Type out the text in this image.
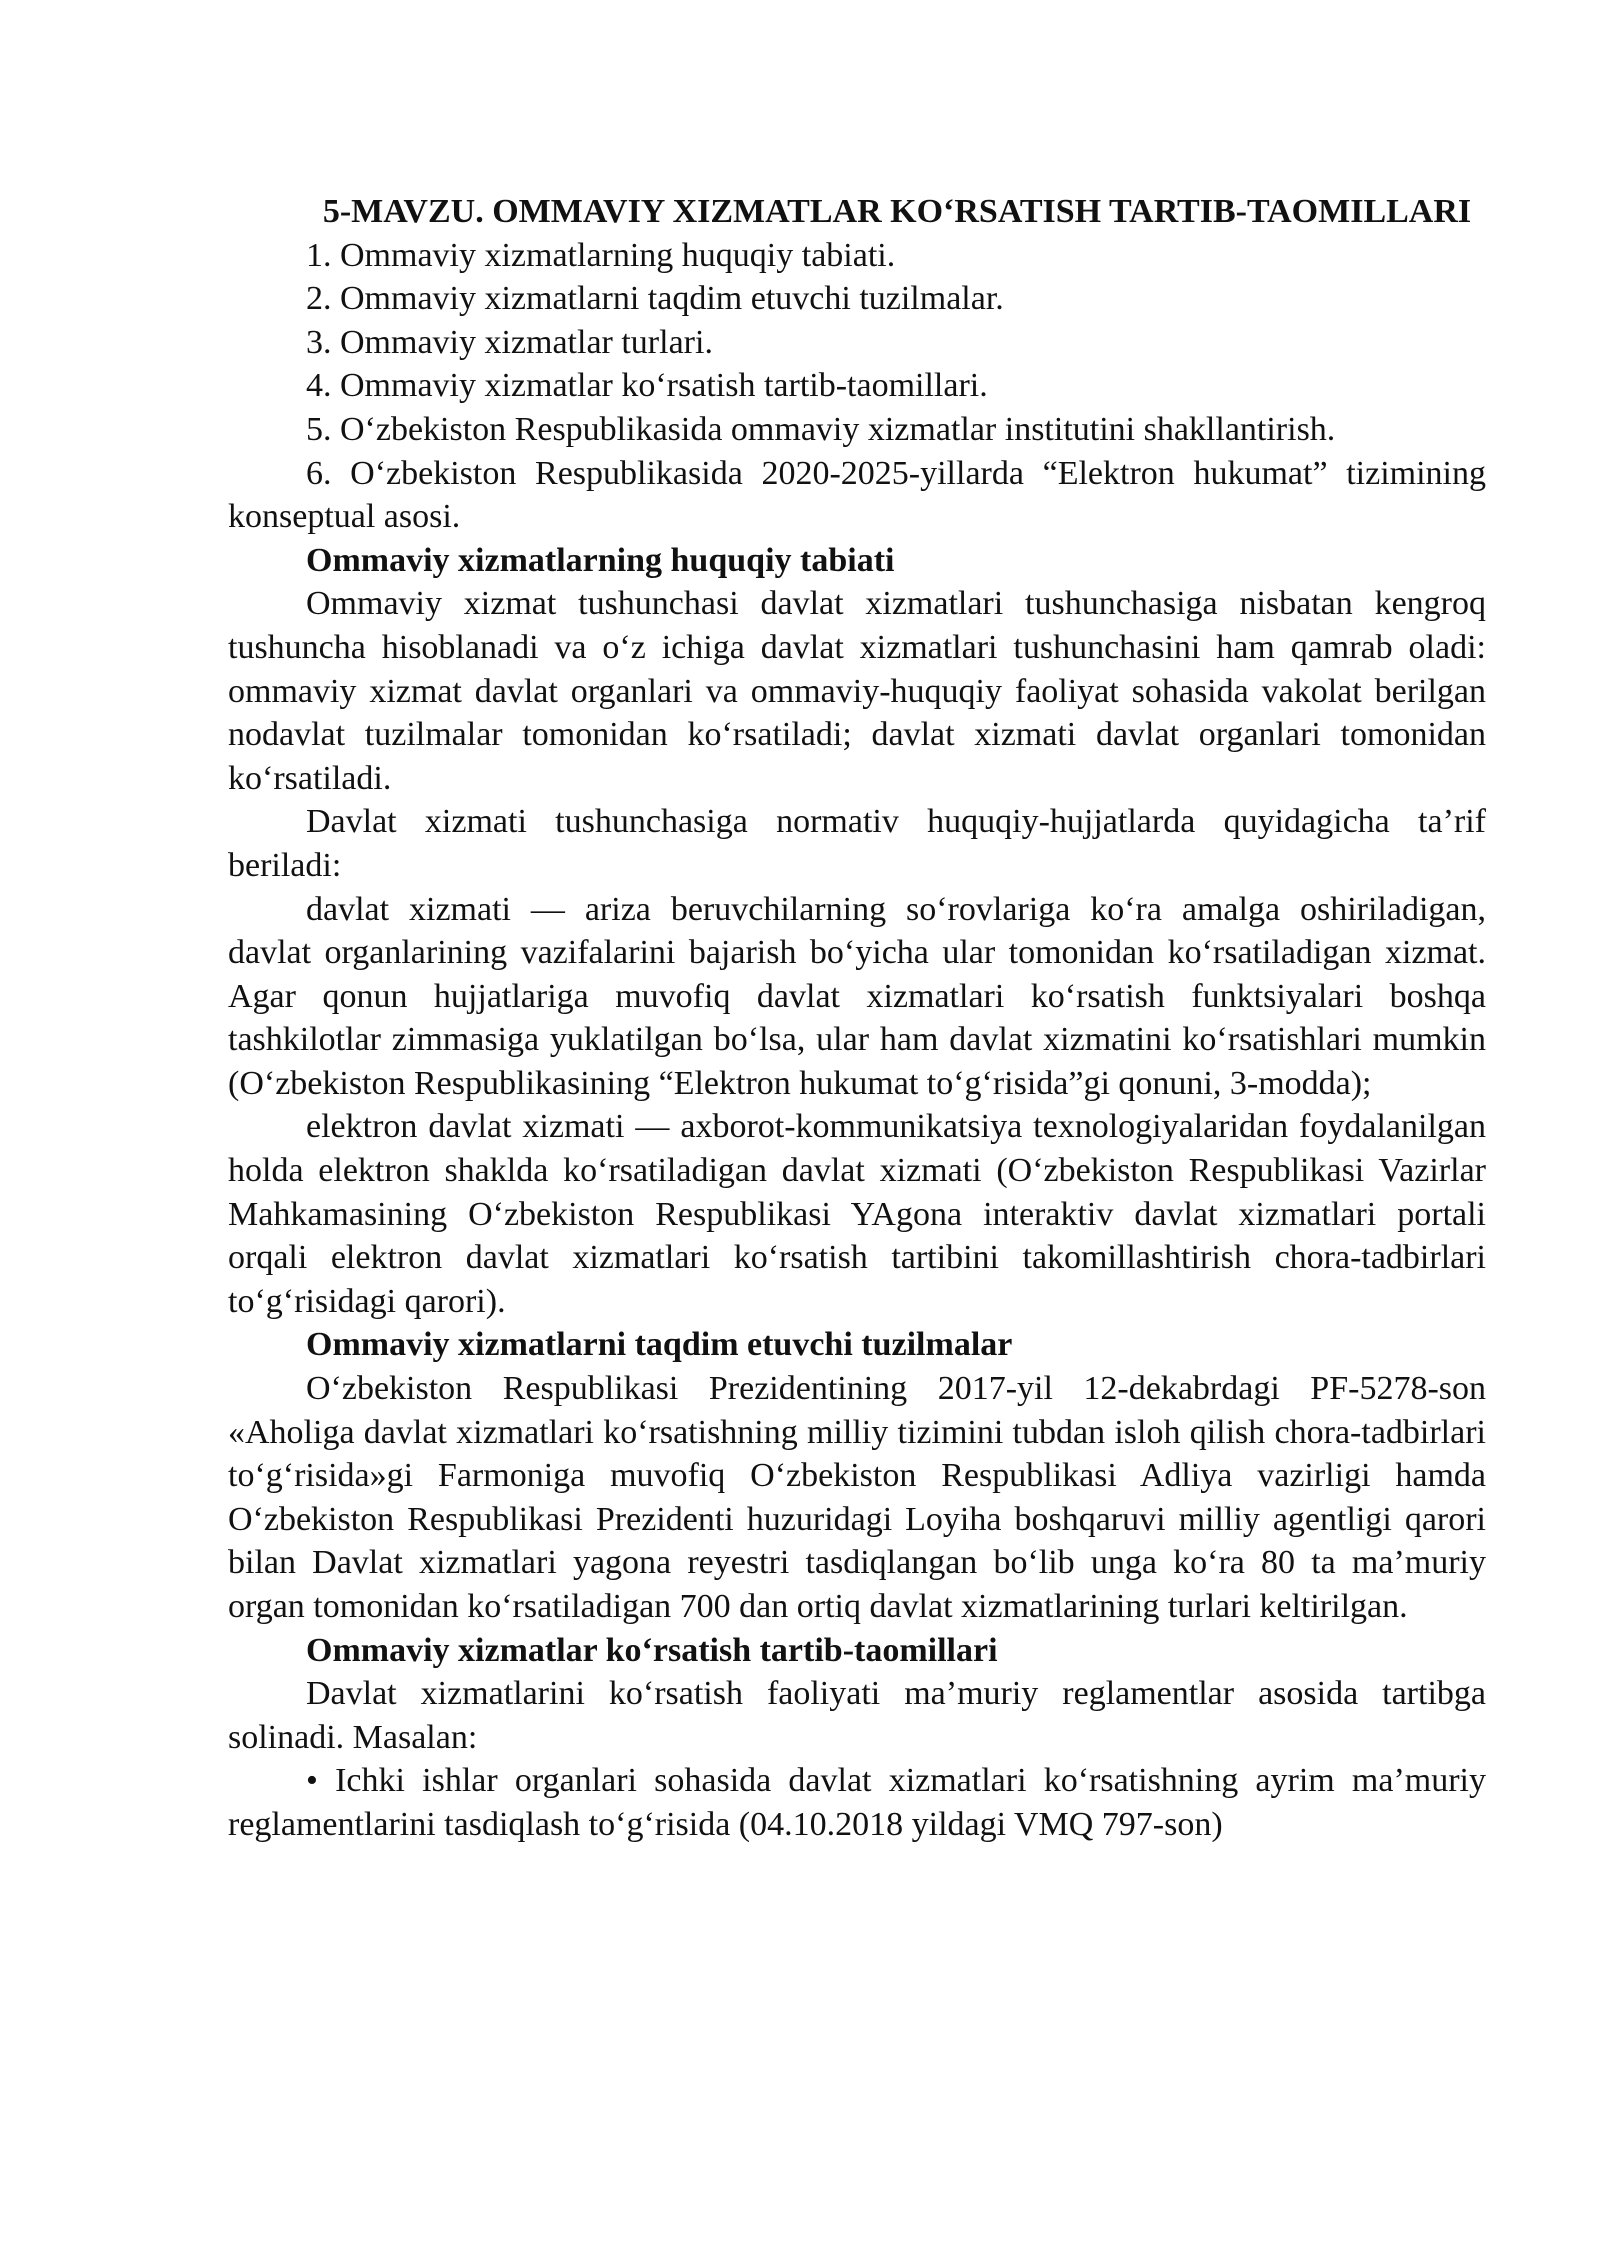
5-MAVZU. OMMAVIY XIZMATLAR KO‘RSATISH TARTIB-TAOMILLARI

1. Ommaviy xizmatlarning huquqiy tabiati.

2. Ommaviy xizmatlarni taqdim etuvchi tuzilmalar.

3. Ommaviy xizmatlar turlari.

4. Ommaviy xizmatlar ko‘rsatish tartib-taomillari.

5. O‘zbekiston Respublikasida ommaviy xizmatlar institutini shakllantirish.

6. O‘zbekiston Respublikasida 2020-2025-yillarda “Elektron hukumat” tizimining konseptual asosi.

Ommaviy xizmatlarning huquqiy tabiati

Ommaviy xizmat tushunchasi davlat xizmatlari tushunchasiga nisbatan kengroq tushuncha hisoblanadi va o‘z ichiga davlat xizmatlari tushunchasini ham qamrab oladi: ommaviy xizmat davlat organlari va ommaviy-huquqiy faoliyat sohasida vakolat berilgan nodavlat tuzilmalar tomonidan ko‘rsatiladi; davlat xizmati davlat organlari tomonidan ko‘rsatiladi.

Davlat xizmati tushunchasiga normativ huquqiy-hujjatlarda quyidagicha ta’rif beriladi:

davlat xizmati — ariza beruvchilarning so‘rovlariga ko‘ra amalga oshiriladigan, davlat organlarining vazifalarini bajarish bo‘yicha ular tomonidan ko‘rsatiladigan xizmat. Agar qonun hujjatlariga muvofiq davlat xizmatlari ko‘rsatish funktsiyalari boshqa tashkilotlar zimmasiga yuklatilgan bo‘lsa, ular ham davlat xizmatini ko‘rsatishlari mumkin (O‘zbekiston Respublikasining “Elektron hukumat to‘g‘risida”gi qonuni, 3-modda);

elektron davlat xizmati — axborot-kommunikatsiya texnologiyalaridan foydalanilgan holda elektron shaklda ko‘rsatiladigan davlat xizmati (O‘zbekiston Respublikasi Vazirlar Mahkamasining O‘zbekiston Respublikasi YAgona interaktiv davlat xizmatlari portali orqali elektron davlat xizmatlari ko‘rsatish tartibini takomillashtirish chora-tadbirlari to‘g‘risidagi qarori).

Ommaviy xizmatlarni taqdim etuvchi tuzilmalar

O‘zbekiston Respublikasi Prezidentining 2017-yil 12-dekabrdagi PF-5278-son «Aholiga davlat xizmatlari ko‘rsatishning milliy tizimini tubdan isloh qilish chora-tadbirlari to‘g‘risida»gi Farmoniga muvofiq O‘zbekiston Respublikasi Adliya vazirligi hamda O‘zbekiston Respublikasi Prezidenti huzuridagi Loyiha boshqaruvi milliy agentligi qarori bilan Davlat xizmatlari yagona reyestri tasdiqlangan bo‘lib unga ko‘ra 80 ta ma’muriy organ tomonidan ko‘rsatiladigan 700 dan ortiq davlat xizmatlarining turlari keltirilgan.

Ommaviy xizmatlar ko‘rsatish tartib-taomillari

Davlat xizmatlarini ko‘rsatish faoliyati ma’muriy reglamentlar asosida tartibga solinadi. Masalan:

• Ichki ishlar organlari sohasida davlat xizmatlari ko‘rsatishning ayrim ma’muriy reglamentlarini tasdiqlash to‘g‘risida (04.10.2018 yildagi VMQ 797-son)
